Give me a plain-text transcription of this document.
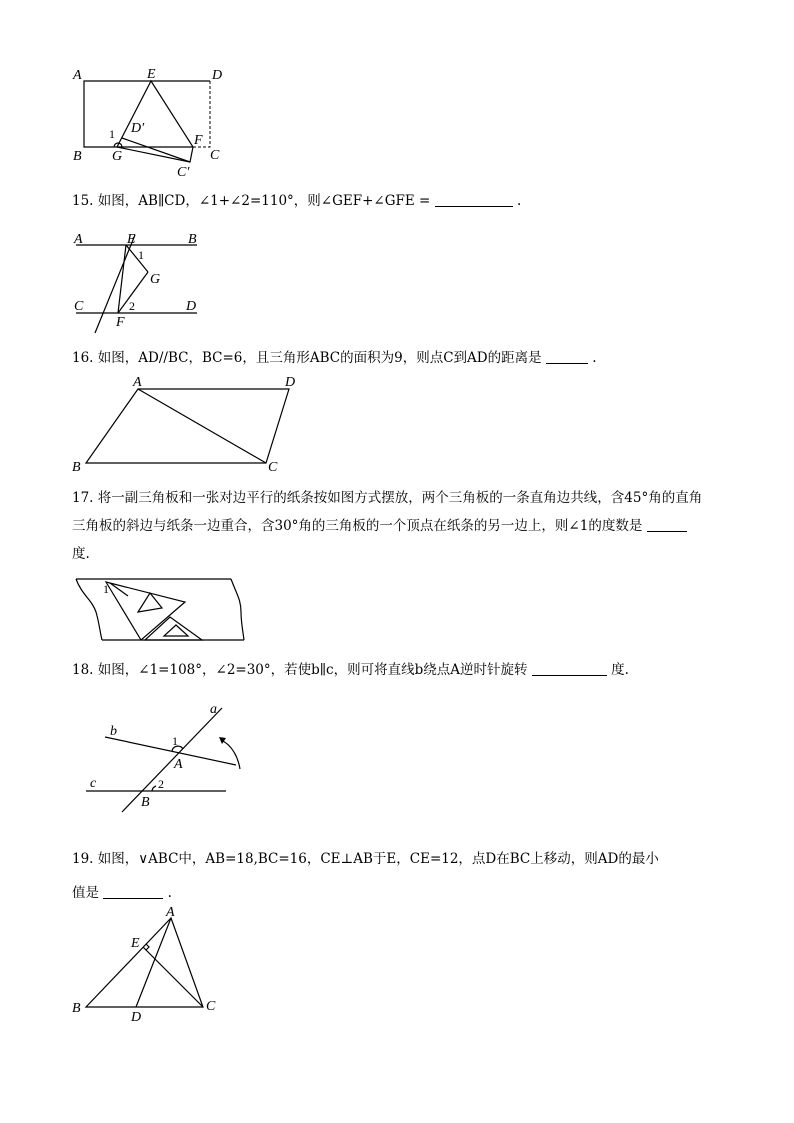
A	E	D
B G
F
C
D′
C′
1
15. 如图，AB∥CD，∠1+∠2=110°，则∠GEF+∠GFE =	.
A	E	B
1
G
C	2	D
F
16. 如图，AD//BC，BC=6，且三角形ABC的面积为9，则点C到AD的距离是	.
A	D
B	C
17. 将一副三角板和一张对边平行的纸条按如图方式摆放，两个三角板的一条直角边共线，含45°角的直角
三角板的斜边与纸条一边重合，含30°角的三角板的一个顶点在纸条的另一边上，则∠1的度数是
度.
1
18. 如图，∠1=108°，∠2=30°，若使b∥c，则可将直线b绕点A逆时针旋转	度.
a
b
1
A
c	2
B
19. 如图，∨ABC中，AB=18,BC=16，CE⊥AB于E，CE=12，点D在BC上移动，则AD的最小
值是	.
A
E
B
D
C
